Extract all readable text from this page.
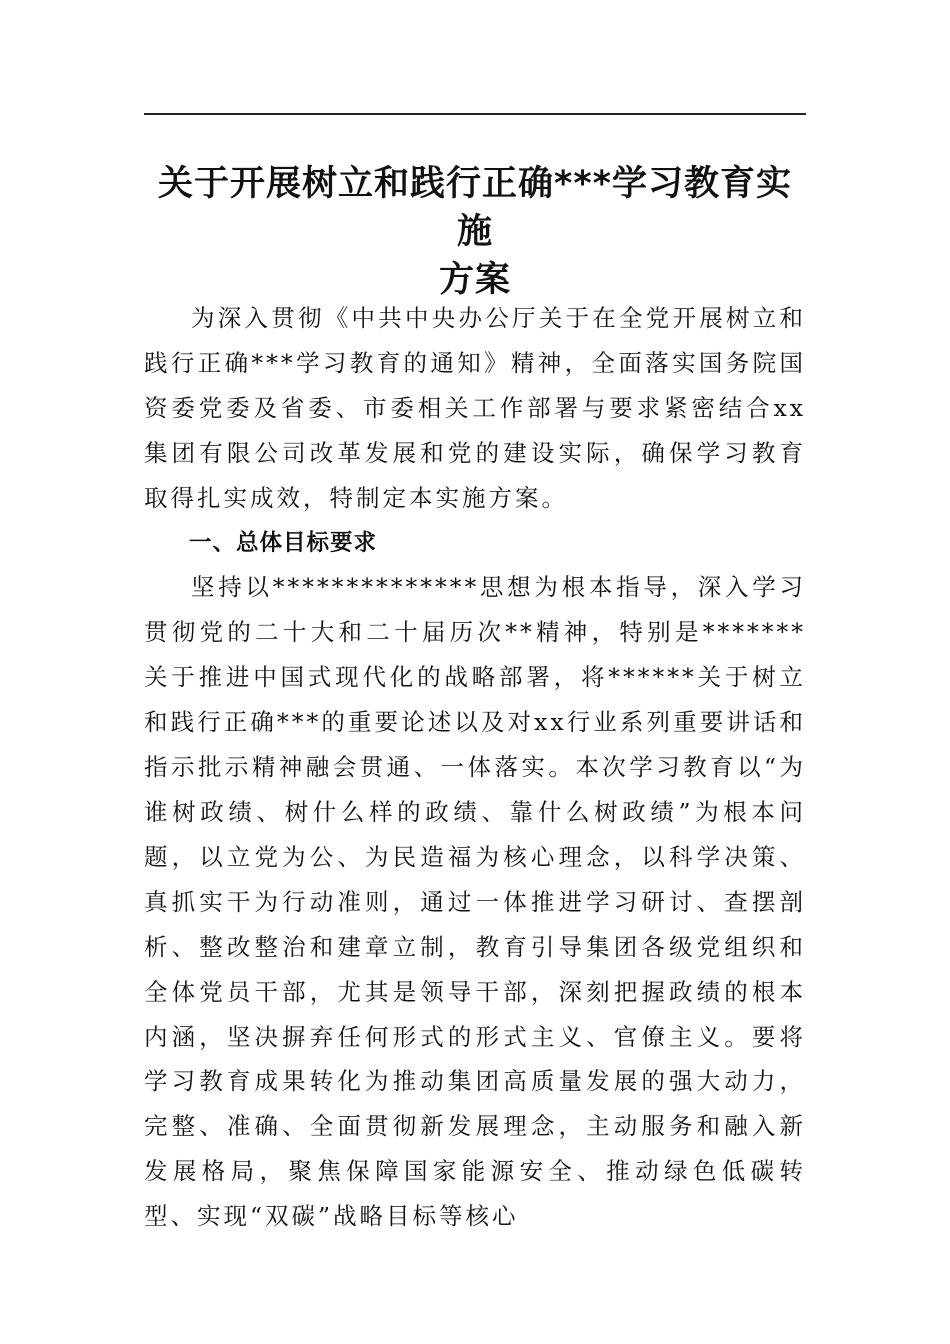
关于开展树立和践行正确***学习教育实施
方案

为深入贯彻《中共中央办公厅关于在全党开展树立和践行正确***学习教育的通知》精神，全面落实国务院国资委党委及省委、市委相关工作部署与要求紧密结合xx集团有限公司改革发展和党的建设实际，确保学习教育取得扎实成效，特制定本实施方案。

一、总体目标要求

坚持以**************思想为根本指导，深入学习贯彻党的二十大和二十届历次**精神，特别是*******关于推进中国式现代化的战略部署，将******关于树立和践行正确***的重要论述以及对xx行业系列重要讲话和指示批示精神融会贯通、一体落实。本次学习教育以“为谁树政绩、树什么样的政绩、靠什么树政绩”为根本问题，以立党为公、为民造福为核心理念，以科学决策、真抓实干为行动准则，通过一体推进学习研讨、查摆剖析、整改整治和建章立制，教育引导集团各级党组织和全体党员干部，尤其是领导干部，深刻把握政绩的根本内涵，坚决摒弃任何形式的形式主义、官僚主义。要将学习教育成果转化为推动集团高质量发展的强大动力，完整、准确、全面贯彻新发展理念，主动服务和融入新发展格局，聚焦保障国家能源安全、推动绿色低碳转型、实现“双碳”战略目标等核心
